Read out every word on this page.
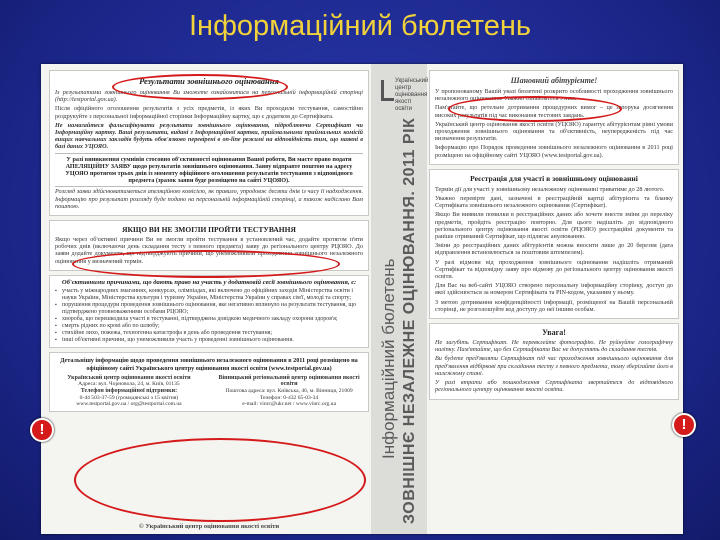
Інформаційний бюлетень
Результати зовнішнього оцінювання

Із результатами зовнішнього оцінювання Ви зможете ознайомитися на персональній інформаційній сторінці (http://testportal.gov.ua).

Після офіційного оголошення результатів з усіх предметів, із яких Ви проходили тестування, самостійно роздрукуйте з персональної інформаційної сторінки Інформаційну картку, що є додатком до Сертифіката.

Не намагайтеся фальсифікувати результати зовнішнього оцінювання, підроблюючи Сертифікат чи Інформаційну картку. Ваші результати, видані з Інформаційної картки, приймальними приймальних комісій вищих навчальних закладів будуть обов'язково перевірені в on-line режимі на відповідність тим, що наявні в базі даних УЦОЯО.

У разі виникнення сумнівів стосовно об'єктивності оцінювання Вашої роботи, Ви маєте право подати АПЕЛЯЦІЙНУ ЗАЯВУ щодо результатів зовнішнього оцінювання. Заяву відправте поштою на адресу УЦОЯО протягом трьох днів із моменту офіційного оголошення результатів тестування з відповідного предмета (зразок заяви буде розміщено на сайті УЦОЯО).

Розгляд заяви здійснюватиметься апеляційною комісією, як правило, упродовж десяти днів із часу її надходження. Інформацію про результат розгляду буде подано на персональній інформаційній сторінці, а також надіслано Вам поштою.

ЯКЩО ВИ НЕ ЗМОГЛИ ПРОЙТИ ТЕСТУВАННЯ

Якщо через об'єктивні причини Ви не змогли пройти тестування в установлений час, додайте протягом п'яти робочих днів (включаючи день складання тесту з певного предмета) заяву до регіонального центру РЦОЯО. До заяви додайте документи, що підтверджують причини, що унеможливили проходження зовнішнього незалежного оцінювання у визначений термін.

Об'єктивними причинами, що дають право на участь у додатковій сесії зовнішнього оцінювання, є:

▪ участь у міжнародних змаганнях, конкурсах, олімпіадах, які включено до офіційних заходів Міністерства освіти і науки України, Міністерства культури і туризму України, Міністерства України у справах сім'ї, молоді та спорту;

▪ порушення процедури проведення зовнішнього оцінювання, яке негативно вплинуло на результати тестування, що підтверджено уповноваженими особами РЦОЯО;

▪ хвороба, що перешкодила участі в тестуванні, підтверджена довідкою медичного закладу охорони здоров'я;

▪ смерть рідних по крові або по шлюбу;

▪ стихійне лихо, пожежа, техногенна катастрофа в день або проведення тестування;

▪ інші об'єктивні причини, що унеможливили участь у проведенні зовнішнього оцінювання.

Детальнішу інформацію щодо проведення зовнішнього незалежного оцінювання в 2011 році розміщено на офіційному сайті Українського центру оцінювання якості освіти (www.testportal.gov.ua)
Український центр оцінювання якості освіти
Адреса: вул. Чорновола, 24, м. Київ, 01135

Телефон інформаційної підтримки:
0-44 503-37-59 (громадянські з 15 квітня)
www.testportal.gov.ua / org@testportal.com.ua
Вінницький регіональний центр оцінювання якості освіти
Поштова адреса: вул. Київська, 46, м. Вінниця, 21009
Телефон: 0-432 65-03-34
e-mail: vinrc@ukr.net / www.vinrc.org.ua
© Український центр оцінювання якості освіти
Український центр оцінювання якості освіти
Інформаційний бюлетень ЗОВНІШНЄ НЕЗАЛЕЖНЕ ОЦІНЮВАННЯ. 2011 РІК
Шановний абітурієнте!

У пропонованому Вашій увазі бюлетені розкрито особливості проходження зовнішнього незалежного оцінювання. Уважно ознайомтеся з ним.

Пам'ятайте, що ретельне дотримання процедурних вимог – це запорука досягнення високих результатів під час виконання тестових завдань.

Український центр оцінювання якості освіти (УЦОЯО) гарантує абітурієнтам рівні умови проходження зовнішнього оцінювання та об'єктивність, неупередженість під час визначення результатів.

Інформацію про Порядок проведення зовнішнього незалежного оцінювання в 2011 році розміщено на офіційному сайті УЦОЯО (www.testportal.gov.ua).

Реєстрація для участі в зовнішньому оцінюванні

Термін дії для участі у зовнішньому незалежному оцінюванні триватиме до 28 лютого.

Уважно перевірте дані, зазначені в реєстраційній картці абітурієнта та бланку Сертифіката зовнішнього незалежного оцінювання (Сертифікат).

Якщо Ви виявили помилки в реєстраційних даних або хочете внести зміни до переліку предметів, пройдіть реєстрацію повторно. Для цього надішліть до відповідного регіонального центру оцінювання якості освіти (РЦОЯО) реєстраційні документи та раніше отриманий Сертифікат, що підлягає анулюванню.

Зміни до реєстраційних даних абітурієнтів можна вносити лише до 20 березня (дата відправлення встановлюється за поштовим штемпелем).

У разі відмови від проходження зовнішнього оцінювання надішліть отриманий Сертифікат та відповідну заяву про відмову до регіонального центру оцінювання якості освіти.

Для Вас на веб-сайті УЦОЯО створено персональну інформаційну сторінку, доступ до якої здійснюється за номером Сертифіката та PIN-кодом, указаним у ньому.

З метою дотримання конфіденційності інформації, розміщеної на Вашій персональній сторінці, не розголошуйте код доступу до неї іншим особам.

Увага!

Не загубіть Сертифікат. Не перевклейте фотографію. Не руйнуйте голографічну наліпку. Пам'ятайте, що без Сертифіката Вас не допустять до складання тестів.

Ви будете пред'являти Сертифікат під час проходження зовнішнього оцінювання для пред'явлення відбіркові при складання тесту з певного предмета, тому зберігайте його в належному стані.

У разі втрати або пошкодження Сертифіката звертайтеся до відповідного регіонального центру оцінювання якості освіти.

!	!
